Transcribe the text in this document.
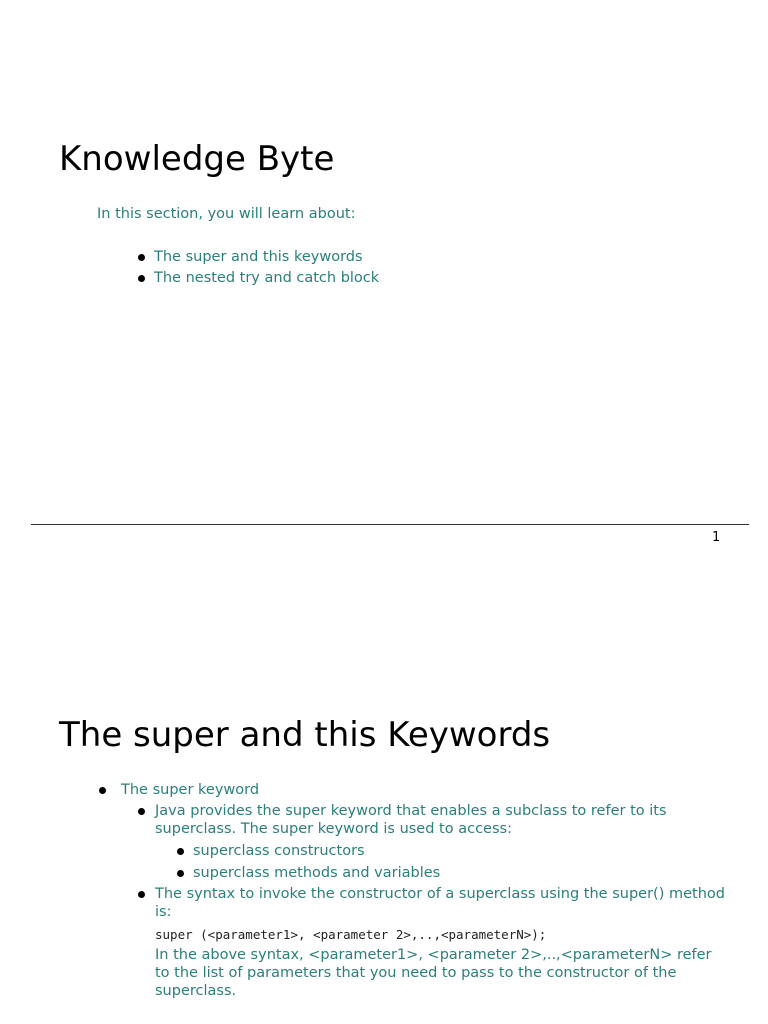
Knowledge Byte
In this section, you will learn about:
The super and this keywords
The nested try and catch block
1
The super and this Keywords
The super keyword
Java provides the super keyword that enables a subclass to refer to its superclass. The super keyword is used to access:
superclass constructors
superclass methods and variables
The syntax to invoke the constructor of a superclass using the super() method is:
super (<parameter1>, <parameter 2>,..,<parameterN>);
In the above syntax, <parameter1>, <parameter 2>,..,<parameterN> refer to the list of parameters that you need to pass to the constructor of the superclass.
